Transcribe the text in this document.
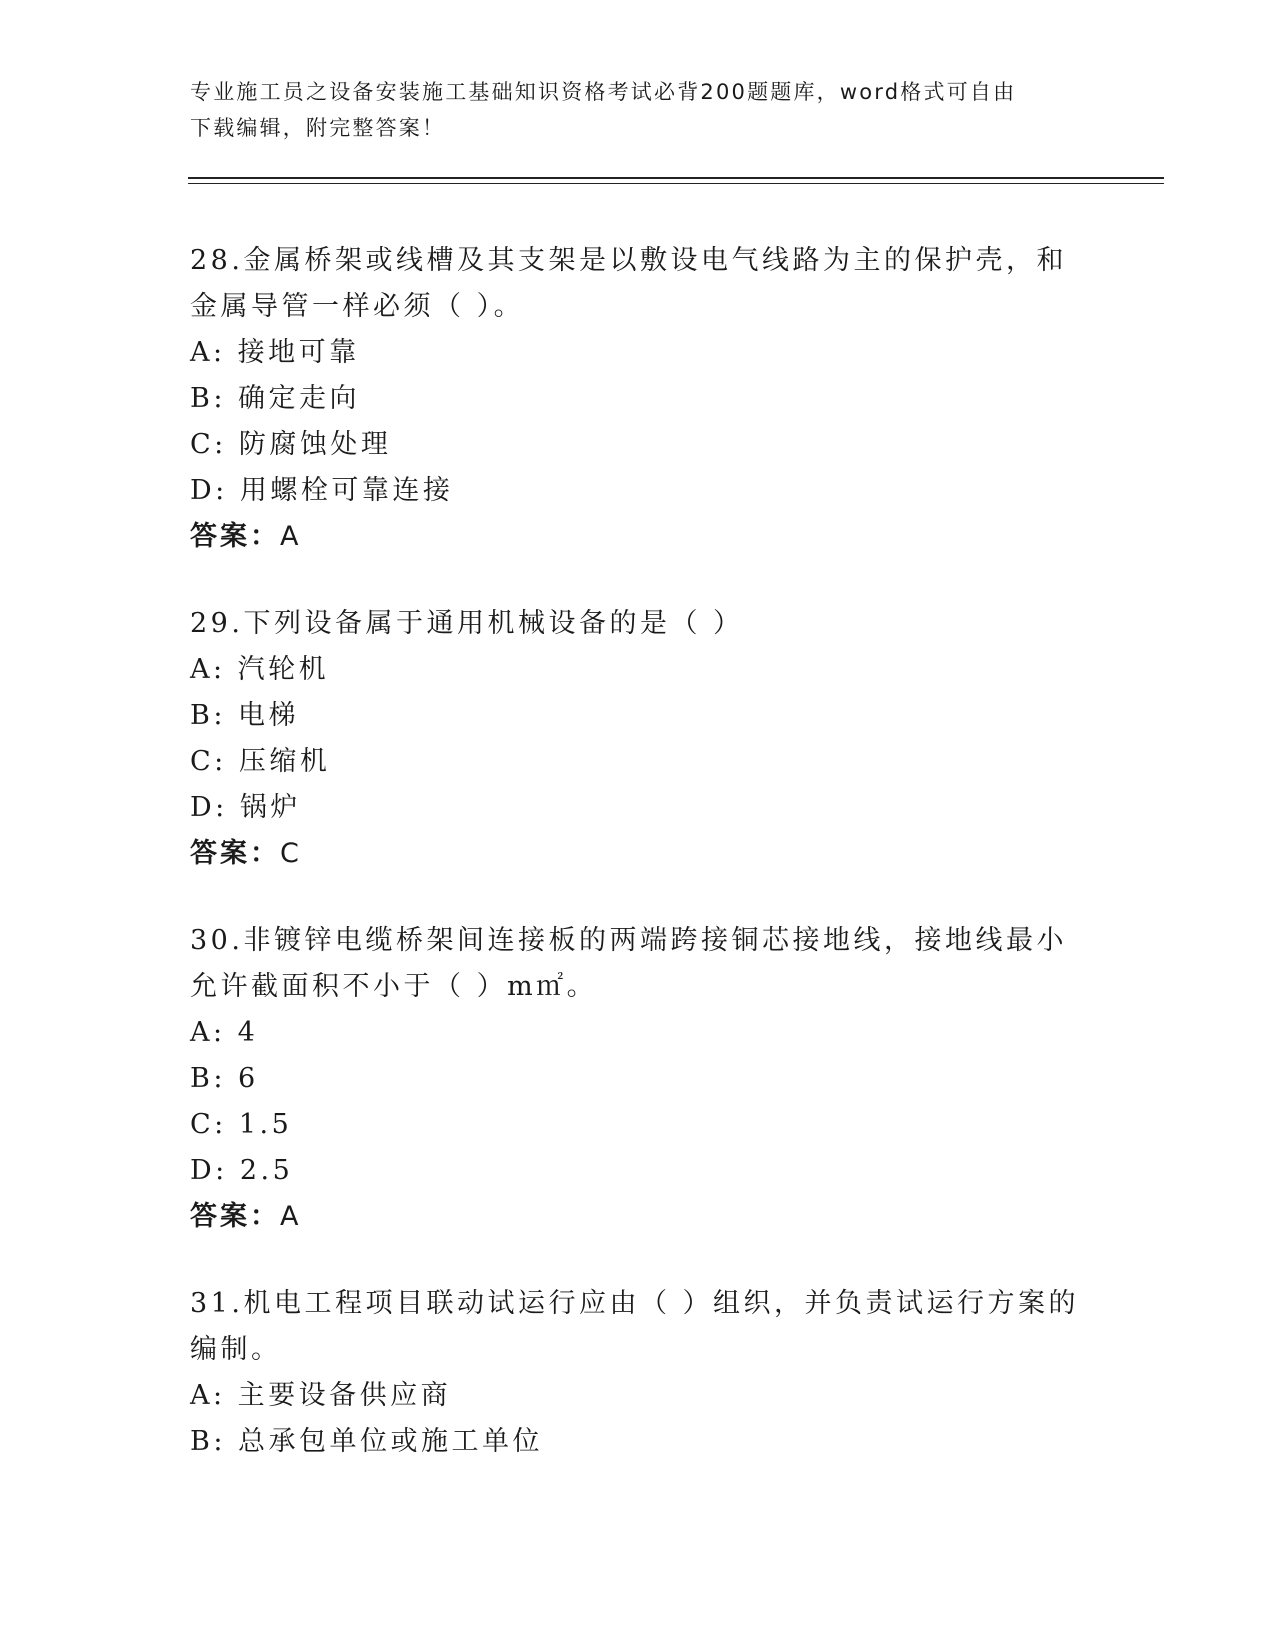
专业施工员之设备安装施工基础知识资格考试必背200题题库，word格式可自由
下载编辑，附完整答案！

28.金属桥架或线槽及其支架是以敷设电气线路为主的保护壳，和金属导管一样必须（ ）。

A: 接地可靠

B: 确定走向

C: 防腐蚀处理

D: 用螺栓可靠连接

答案：A

29.下列设备属于通用机械设备的是（ ）

A: 汽轮机

B: 电梯

C: 压缩机

D: 锅炉

答案：C

30.非镀锌电缆桥架间连接板的两端跨接铜芯接地线，接地线最小允许截面积不小于（ ）m㎡。

A: 4

B: 6

C: 1.5

D: 2.5

答案：A

31.机电工程项目联动试运行应由（ ）组织，并负责试运行方案的编制。

A: 主要设备供应商

B: 总承包单位或施工单位
